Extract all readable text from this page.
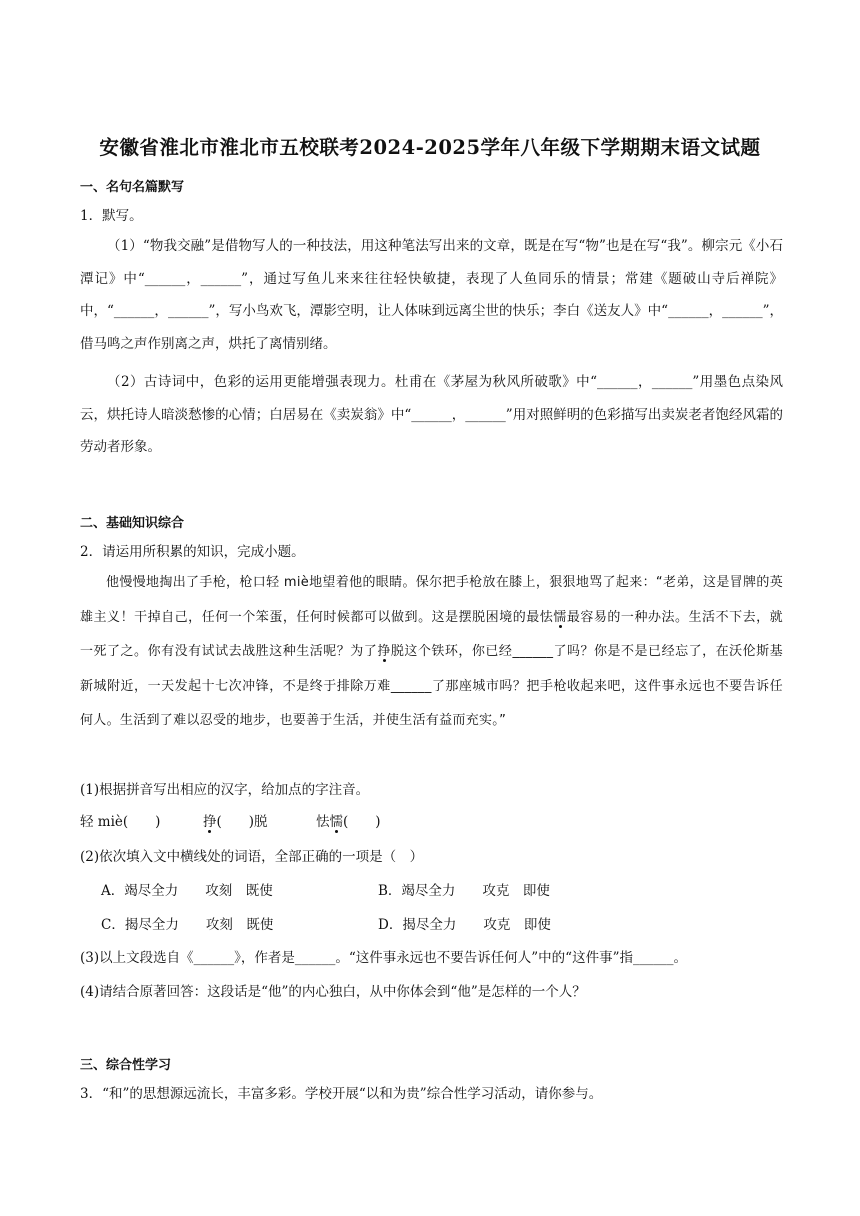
安徽省淮北市淮北市五校联考2024-2025学年八年级下学期期末语文试题
一、名句名篇默写
1．默写。
（1）“物我交融”是借物写人的一种技法，用这种笔法写出来的文章，既是在写“物”也是在写“我”。柳宗元《小石潭记》中“______，______”，通过写鱼儿来来往往轻快敏捷，表现了人鱼同乐的情景；常建《题破山寺后禅院》中，“______，______”，写小鸟欢飞，潭影空明，让人体味到远离尘世的快乐；李白《送友人》中“______，______”，借马鸣之声作别离之声，烘托了离情别绪。
（2）古诗词中，色彩的运用更能增强表现力。杜甫在《茅屋为秋风所破歌》中“______，______”用墨色点染风云，烘托诗人暗淡愁惨的心情；白居易在《卖炭翁》中“______，______”用对照鲜明的色彩描写出卖炭老者饱经风霜的劳动者形象。
二、基础知识综合
2．请运用所积累的知识，完成小题。
他慢慢地掏出了手枪，枪口轻 miè地望着他的眼睛。保尔把手枪放在膝上，狠狠地骂了起来：“老弟，这是冒牌的英雄主义！干掉自己，任何一个笨蛋，任何时候都可以做到。这是摆脱困境的最怯懦最容易的一种办法。生活不下去，就一死了之。你有没有试试去战胜这种生活呢？为了挣脱这个铁环，你已经______了吗？你是不是已经忘了，在沃伦斯基新城附近，一天发起十七次冲锋，不是终于排除万难______了那座城市吗？把手枪收起来吧，这件事永远也不要告诉任何人。生活到了难以忍受的地步，也要善于生活，并使生活有益而充实。”
(1)根据拼音写出相应的汉字，给加点的字注音。
轻 miè(　　)	挣(　　)脱	怯懦(　　)
(2)依次填入文中横线处的词语，全部正确的一项是（　）
A．竭尽全力　　攻刻　既使	B．竭尽全力　　攻克　即使
C．揭尽全力　　攻刻　既使	D．揭尽全力　　攻克　即使
(3)以上文段选自《______》，作者是______。“这件事永远也不要告诉任何人”中的“这件事”指______。
(4)请结合原著回答：这段话是“他”的内心独白，从中你体会到“他”是怎样的一个人？
三、综合性学习
3．“和”的思想源远流长，丰富多彩。学校开展“以和为贵”综合性学习活动，请你参与。
